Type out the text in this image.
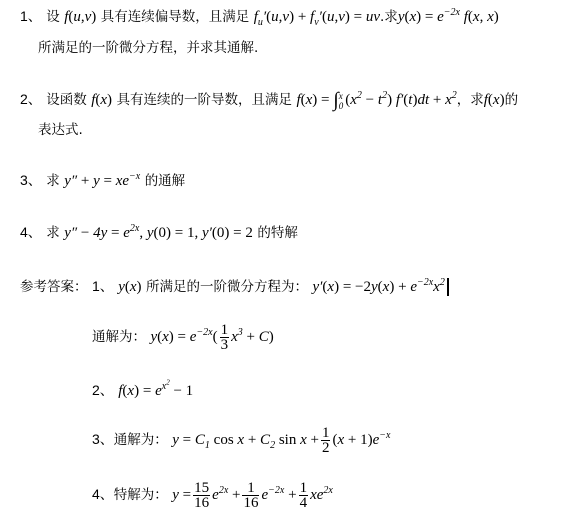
1、 设 f(u,v) 具有连续偏导数，且满足 $f_u'(u,v) + f_v'(u,v)$ = uv.求$y(x) = e^{-2x}$ f(x, x)
所满足的一阶微分方程，并求其通解.
2、 设函数 f(x) 具有连续的一阶导数，且满足 f(x) = ∫ x
0 $(x^2 - t^2) f'(t)dt + x^2$，求f(x)的
表达式.
3、 求 $y'' + y = xe^{-x}$ 的通解
4、 求 $y'' - 4y = e^{2x}$, y(0) = 1, y′(0) = 2 的特解
参考答案： 1、 y(x) 所满足的一阶微分方程为： $y'(x) = -2y(x) + e^{-2x}x^2$
通解为： $y(x) = e^{-2x}( \frac{1}{3} x^3 + C)$
2、 $f(x) = e^{x^2} - 1$
3、通解为： $y = C_1$ $\cos x + C_2$ $\sin x + \frac{1}{2} (x + 1)e^{-x}$
4、特解为： $y = \frac{15}{16} e^{2x} + \frac{1}{16} e^{-2x} + \frac{1}{4} xe^{2x}$
